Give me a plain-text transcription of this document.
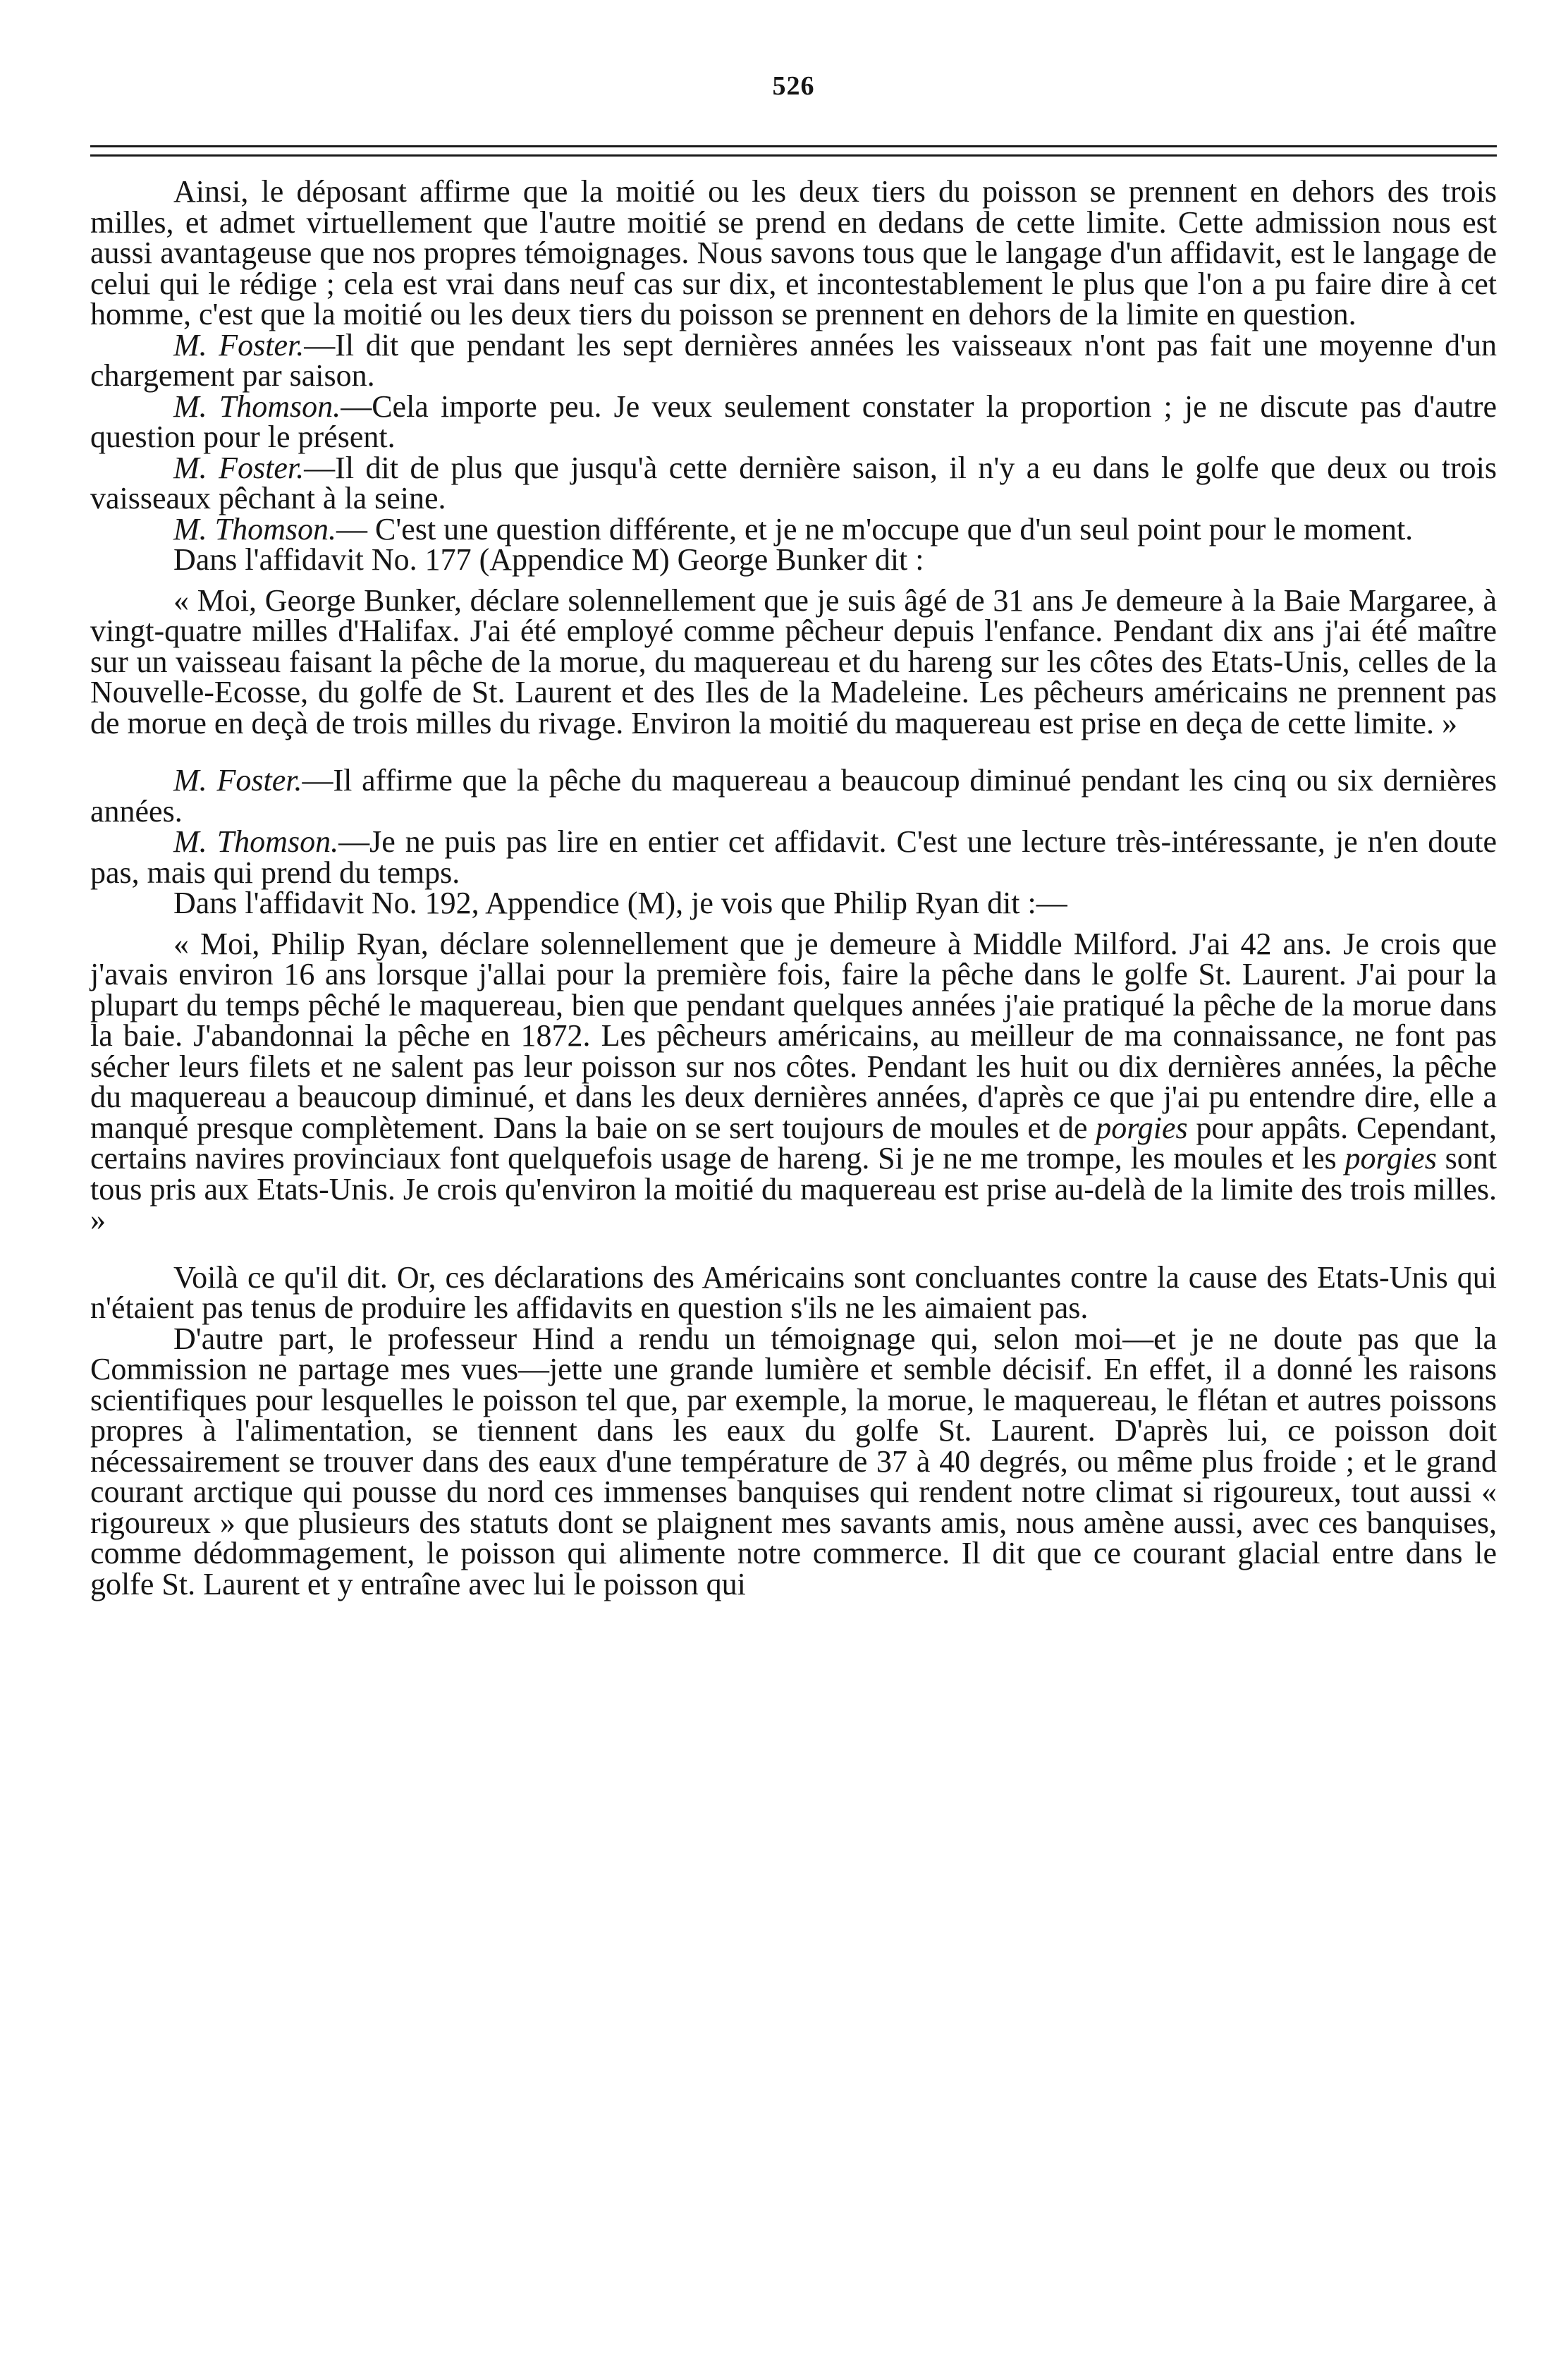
526

Ainsi, le déposant affirme que la moitié ou les deux tiers du poisson se prennent en dehors des trois milles, et admet virtuellement que l'autre moitié se prend en dedans de cette limite. Cette admission nous est aussi avantageuse que nos propres témoignages. Nous savons tous que le langage d'un affidavit, est le langage de celui qui le rédige ; cela est vrai dans neuf cas sur dix, et incontestablement le plus que l'on a pu faire dire à cet homme, c'est que la moitié ou les deux tiers du poisson se prennent en dehors de la limite en question.

M. Foster.—Il dit que pendant les sept dernières années les vaisseaux n'ont pas fait une moyenne d'un chargement par saison.

M. Thomson.—Cela importe peu. Je veux seulement constater la proportion ; je ne discute pas d'autre question pour le présent.

M. Foster.—Il dit de plus que jusqu'à cette dernière saison, il n'y a eu dans le golfe que deux ou trois vaisseaux pêchant à la seine.

M. Thomson.— C'est une question différente, et je ne m'occupe que d'un seul point pour le moment.

Dans l'affidavit No. 177 (Appendice M) George Bunker dit :

« Moi, George Bunker, déclare solennellement que je suis âgé de 31 ans Je demeure à la Baie Margaree, à vingt-quatre milles d'Halifax. J'ai été employé comme pêcheur depuis l'enfance. Pendant dix ans j'ai été maître sur un vaisseau faisant la pêche de la morue, du maquereau et du hareng sur les côtes des Etats-Unis, celles de la Nouvelle-Ecosse, du golfe de St. Laurent et des Iles de la Madeleine. Les pêcheurs américains ne prennent pas de morue en deçà de trois milles du rivage. Environ la moitié du maquereau est prise en deça de cette limite. »

M. Foster.—Il affirme que la pêche du maquereau a beaucoup diminué pendant les cinq ou six dernières années.

M. Thomson.—Je ne puis pas lire en entier cet affidavit. C'est une lecture très-intéressante, je n'en doute pas, mais qui prend du temps.

Dans l'affidavit No. 192, Appendice (M), je vois que Philip Ryan dit :—

« Moi, Philip Ryan, déclare solennellement que je demeure à Middle Milford. J'ai 42 ans. Je crois que j'avais environ 16 ans lorsque j'allai pour la première fois, faire la pêche dans le golfe St. Laurent. J'ai pour la plupart du temps pêché le maquereau, bien que pendant quelques années j'aie pratiqué la pêche de la morue dans la baie. J'abandonnai la pêche en 1872. Les pêcheurs américains, au meilleur de ma connaissance, ne font pas sécher leurs filets et ne salent pas leur poisson sur nos côtes. Pendant les huit ou dix dernières années, la pêche du maquereau a beaucoup diminué, et dans les deux dernières années, d'après ce que j'ai pu entendre dire, elle a manqué presque complètement. Dans la baie on se sert toujours de moules et de porgies pour appâts. Cependant, certains navires provinciaux font quelquefois usage de hareng. Si je ne me trompe, les moules et les porgies sont tous pris aux Etats-Unis. Je crois qu'environ la moitié du maquereau est prise au-delà de la limite des trois milles. »

Voilà ce qu'il dit. Or, ces déclarations des Américains sont concluantes contre la cause des Etats-Unis qui n'étaient pas tenus de produire les affidavits en question s'ils ne les aimaient pas.

D'autre part, le professeur Hind a rendu un témoignage qui, selon moi—et je ne doute pas que la Commission ne partage mes vues—jette une grande lumière et semble décisif. En effet, il a donné les raisons scientifiques pour lesquelles le poisson tel que, par exemple, la morue, le maquereau, le flétan et autres poissons propres à l'alimentation, se tiennent dans les eaux du golfe St. Laurent. D'après lui, ce poisson doit nécessairement se trouver dans des eaux d'une température de 37 à 40 degrés, ou même plus froide ; et le grand courant arctique qui pousse du nord ces immenses banquises qui rendent notre climat si rigoureux, tout aussi « rigoureux » que plusieurs des statuts dont se plaignent mes savants amis, nous amène aussi, avec ces banquises, comme dédommagement, le poisson qui alimente notre commerce. Il dit que ce courant glacial entre dans le golfe St. Laurent et y entraîne avec lui le poisson qui
